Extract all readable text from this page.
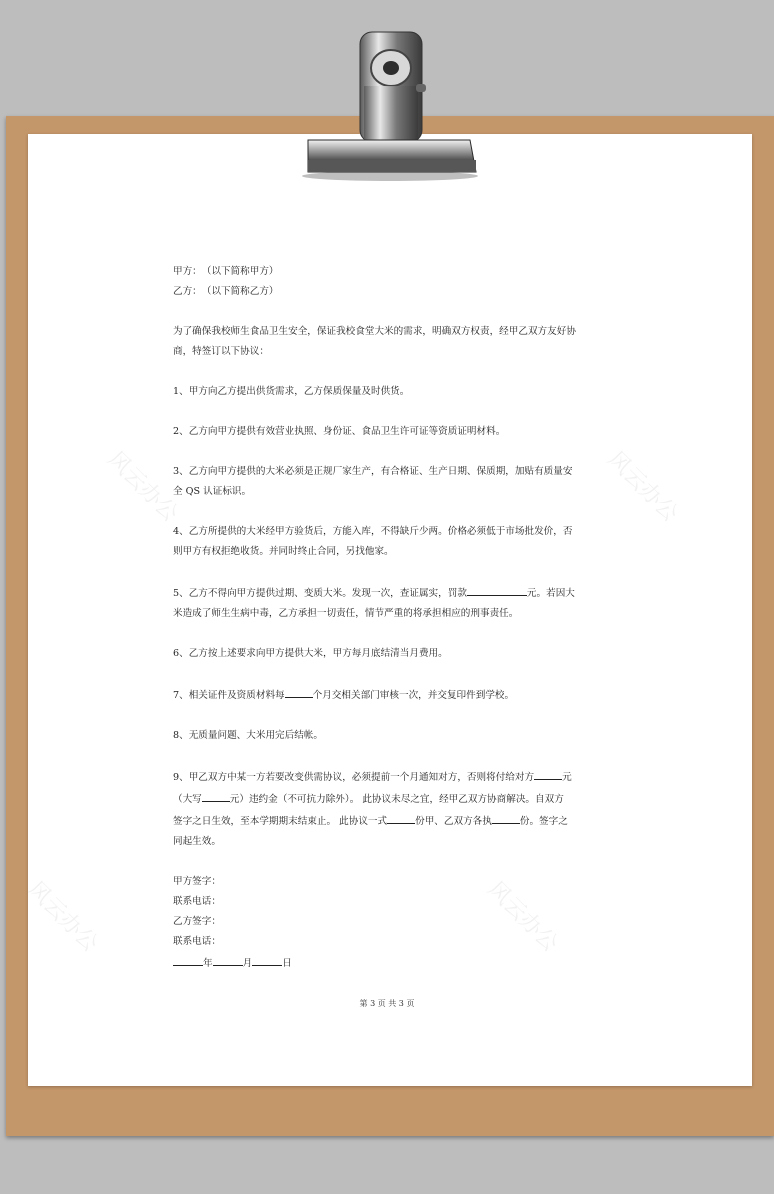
风云办公	风云办公
风云办公	风云办公

甲方：　（以下简称甲方）

乙方：　（以下简称乙方）

为了确保我校师生食品卫生安全，保证我校食堂大米的需求，明确双方权责，经甲乙双方友好协

商，特签订以下协议：

1、甲方向乙方提出供货需求，乙方保质保量及时供货。

2、乙方向甲方提供有效营业执照、身份证、食品卫生许可证等资质证明材料。

3、乙方向甲方提供的大米必须是正规厂家生产，有合格证、生产日期、保质期，加贴有质量安

全 QS 认证标识。

4、乙方所提供的大米经甲方验货后，方能入库，不得缺斤少两。价格必须低于市场批发价，否

则甲方有权拒绝收货。并同时终止合同，另找他家。

5、乙方不得向甲方提供过期、变质大米。发现一次，查证属实，罚款	元。若因大

米造成了师生生病中毒，乙方承担一切责任，情节严重的将承担相应的刑事责任。

6、乙方按上述要求向甲方提供大米，甲方每月底结清当月费用。

7、相关证件及资质材料每	个月交相关部门审核一次，并交复印件到学校。

8、无质量问题、大米用完后结帐。

9、甲乙双方中某一方若要改变供需协议，必须提前一个月通知对方，否则将付给对方	元

（大写	元）违约金（不可抗力除外）。 此协议未尽之宜，经甲乙双方协商解决。自双方

签字之日生效，至本学期期末结束止。 此协议一式	份甲、乙双方各执	份。签字之

同起生效。

甲方签字：

联系电话：

乙方签字：

联系电话：

年	月	日

第 3 页 共 3 页
